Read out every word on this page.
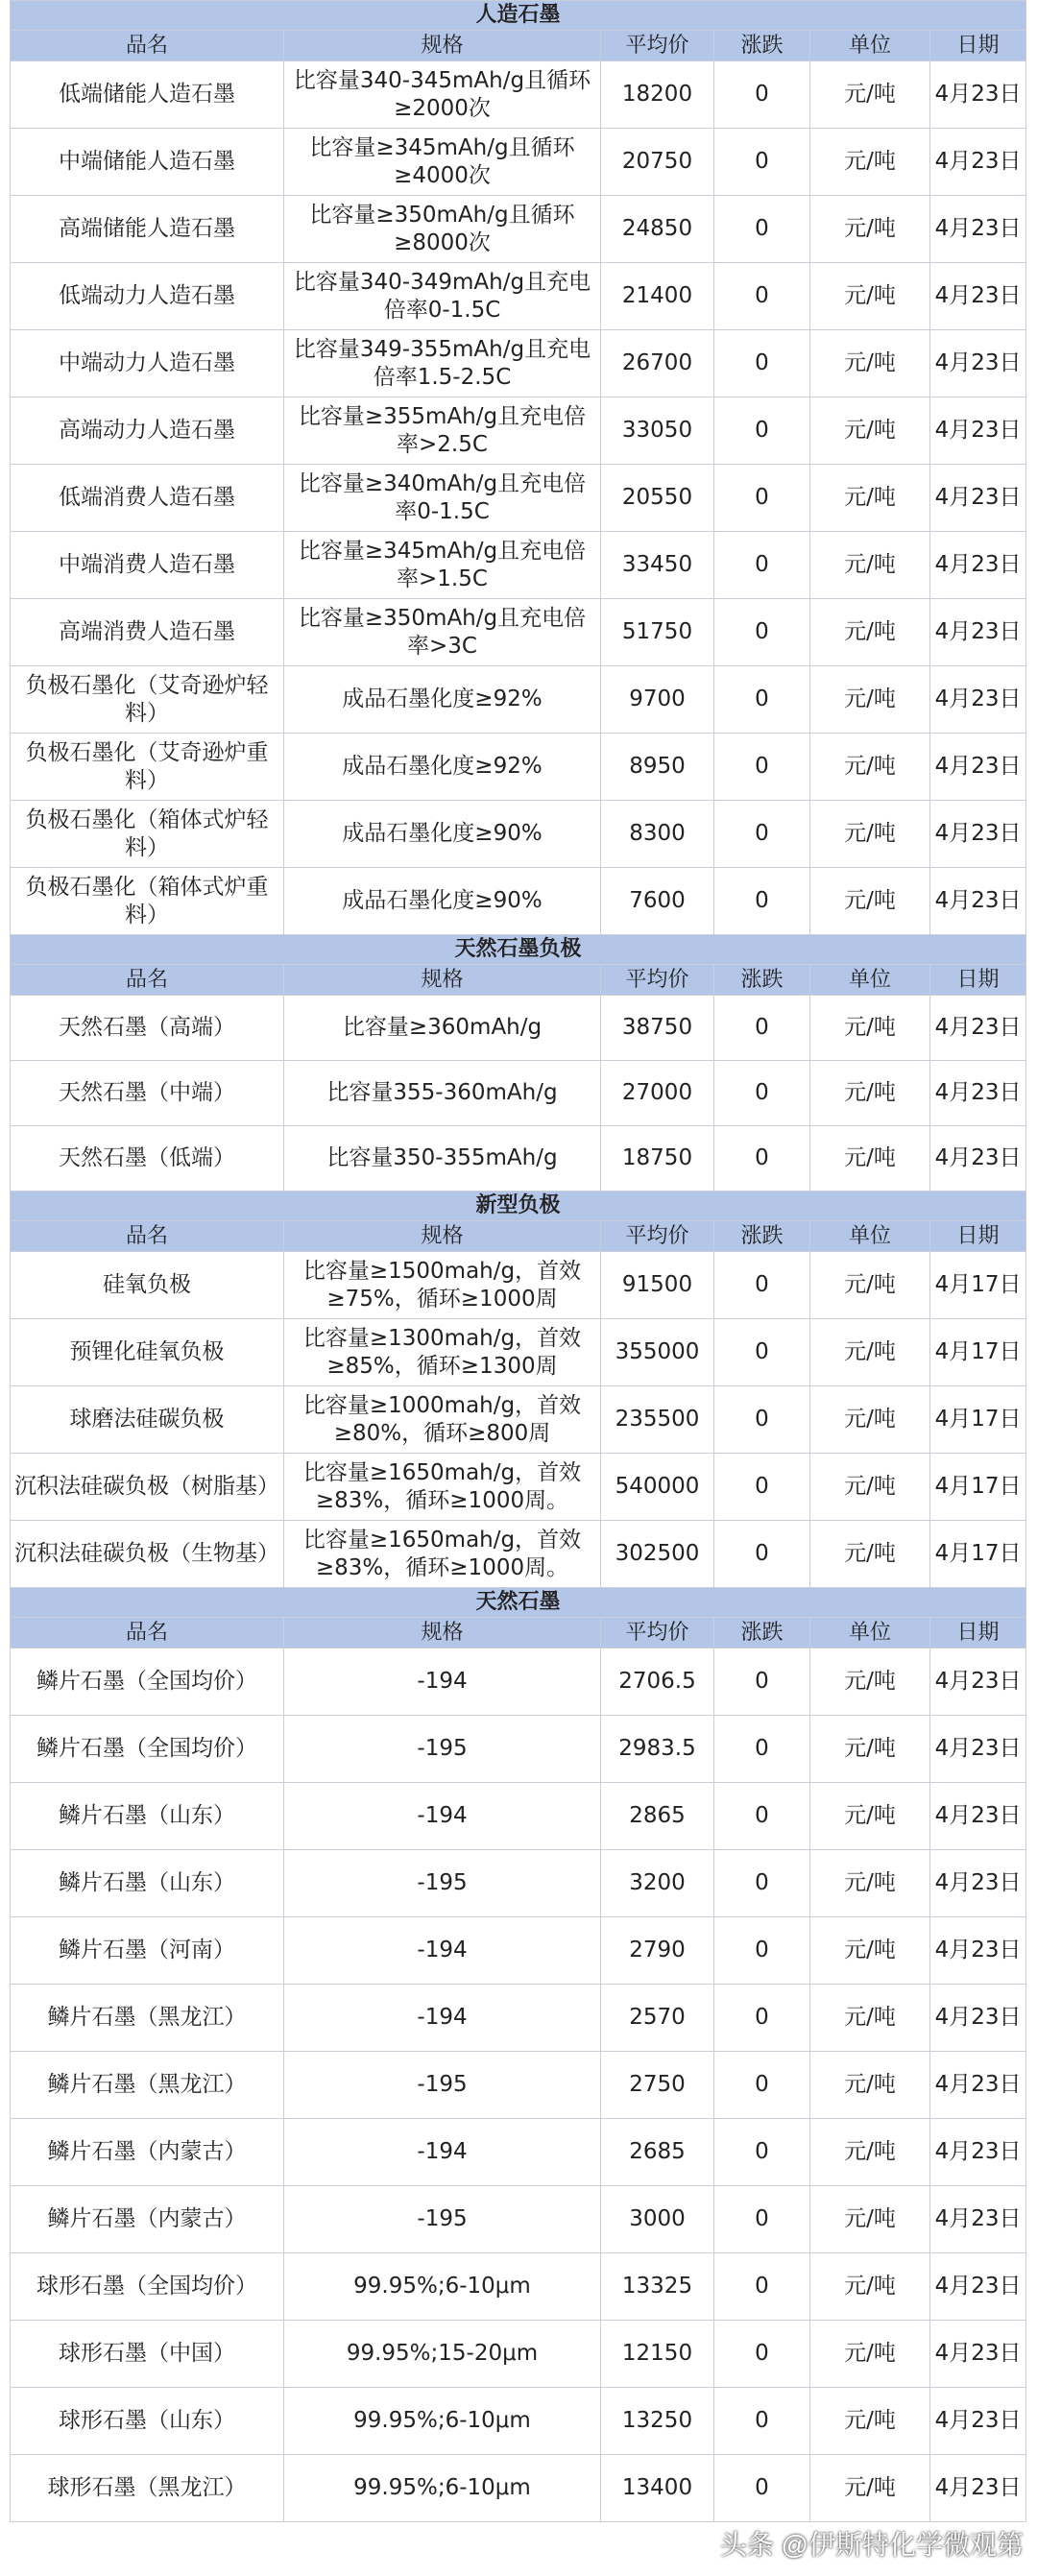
人造石墨					
品名	规格	平均价	涨跌	单位	日期
低端储能人造石墨	比容量340-345mAh/g且循环≥2000次	18200	0	元/吨	4月23日
中端储能人造石墨	比容量≥345mAh/g且循环≥4000次	20750	0	元/吨	4月23日
高端储能人造石墨	比容量≥350mAh/g且循环≥8000次	24850	0	元/吨	4月23日
低端动力人造石墨	比容量340-349mAh/g且充电倍率0-1.5C	21400	0	元/吨	4月23日
中端动力人造石墨	比容量349-355mAh/g且充电倍率1.5-2.5C	26700	0	元/吨	4月23日
高端动力人造石墨	比容量≥355mAh/g且充电倍率>2.5C	33050	0	元/吨	4月23日
低端消费人造石墨	比容量≥340mAh/g且充电倍率0-1.5C	20550	0	元/吨	4月23日
中端消费人造石墨	比容量≥345mAh/g且充电倍率>1.5C	33450	0	元/吨	4月23日
高端消费人造石墨	比容量≥350mAh/g且充电倍率>3C	51750	0	元/吨	4月23日
负极石墨化（艾奇逊炉轻料）	成品石墨化度≥92%	9700	0	元/吨	4月23日
负极石墨化（艾奇逊炉重料）	成品石墨化度≥92%	8950	0	元/吨	4月23日
负极石墨化（箱体式炉轻料）	成品石墨化度≥90%	8300	0	元/吨	4月23日
负极石墨化（箱体式炉重料）	成品石墨化度≥90%	7600	0	元/吨	4月23日
天然石墨负极					
品名	规格	平均价	涨跌	单位	日期
天然石墨（高端）	比容量≥360mAh/g	38750	0	元/吨	4月23日
天然石墨（中端）	比容量355-360mAh/g	27000	0	元/吨	4月23日
天然石墨（低端）	比容量350-355mAh/g	18750	0	元/吨	4月23日
新型负极					
品名	规格	平均价	涨跌	单位	日期
硅氧负极	比容量≥1500mah/g，首效≥75%，循环≥1000周	91500	0	元/吨	4月17日
预锂化硅氧负极	比容量≥1300mah/g，首效≥85%，循环≥1300周	355000	0	元/吨	4月17日
球磨法硅碳负极	比容量≥1000mah/g，首效≥80%，循环≥800周	235500	0	元/吨	4月17日
沉积法硅碳负极（树脂基）	比容量≥1650mah/g，首效≥83%，循环≥1000周。	540000	0	元/吨	4月17日
沉积法硅碳负极（生物基）	比容量≥1650mah/g，首效≥83%，循环≥1000周。	302500	0	元/吨	4月17日
天然石墨					
品名	规格	平均价	涨跌	单位	日期
鳞片石墨（全国均价）	-194	2706.5	0	元/吨	4月23日
鳞片石墨（全国均价）	-195	2983.5	0	元/吨	4月23日
鳞片石墨（山东）	-194	2865	0	元/吨	4月23日
鳞片石墨（山东）	-195	3200	0	元/吨	4月23日
鳞片石墨（河南）	-194	2790	0	元/吨	4月23日
鳞片石墨（黑龙江）	-194	2570	0	元/吨	4月23日
鳞片石墨（黑龙江）	-195	2750	0	元/吨	4月23日
鳞片石墨（内蒙古）	-194	2685	0	元/吨	4月23日
鳞片石墨（内蒙古）	-195	3000	0	元/吨	4月23日
球形石墨（全国均价）	99.95%;6-10μm	13325	0	元/吨	4月23日
球形石墨（中国）	99.95%;15-20μm	12150	0	元/吨	4月23日
球形石墨（山东）	99.95%;6-10μm	13250	0	元/吨	4月23日
球形石墨（黑龙江）	99.95%;6-10μm	13400	0	元/吨	4月23日
头条 @伊斯特化学微观第
